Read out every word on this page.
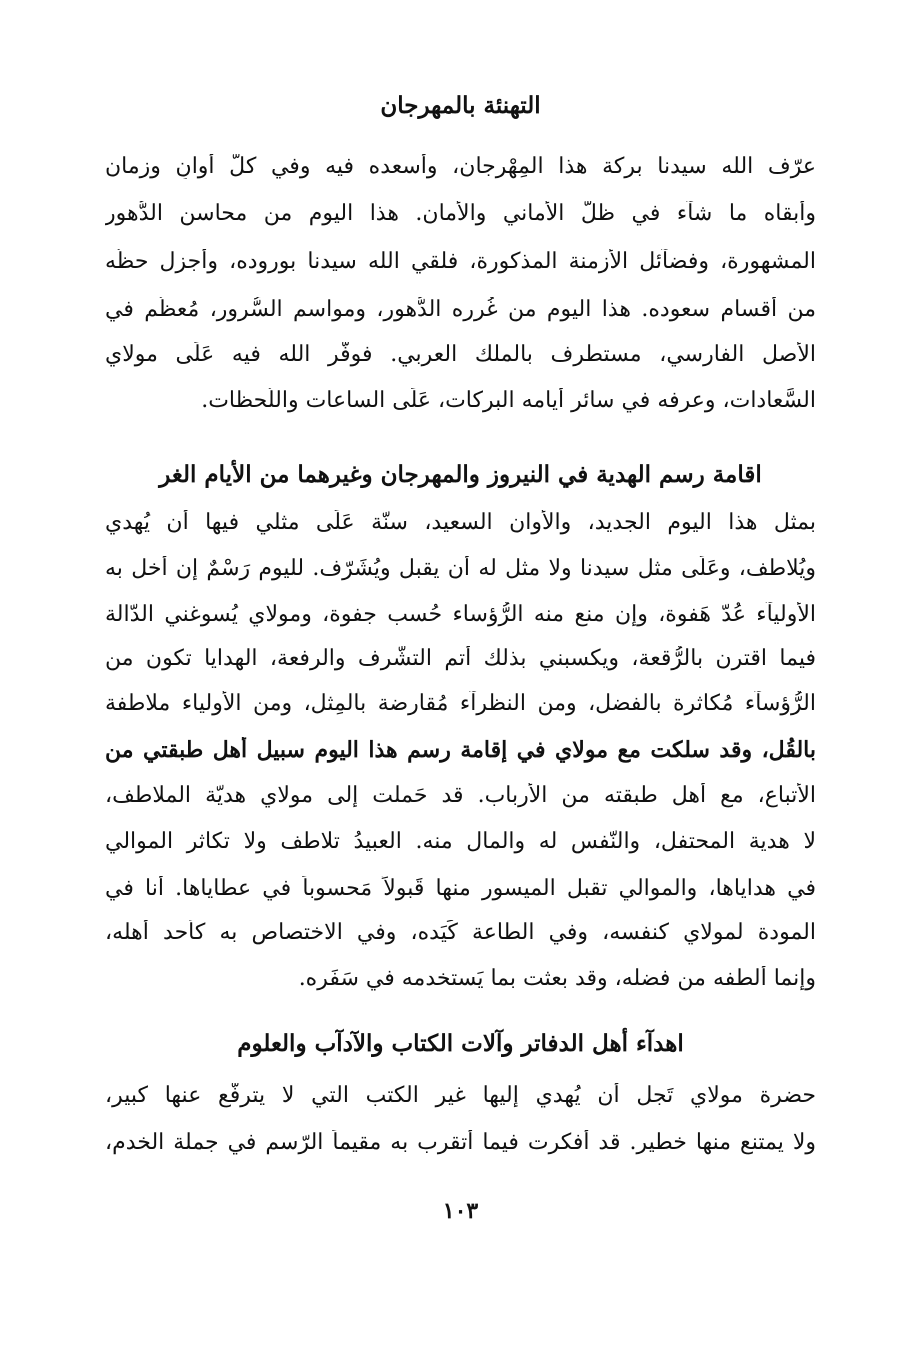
التهنئة بالمهرجان
عرّف الله سيدنا بركة هذا المِهْرجان، وأسعده فيه وفي كلّ أوانٍ وزمان
وأبقاه ما شآء في ظلّ الأماني والأمان. هذا اليوم من محاسن الدُّهور
المشهورة، وفضآئل الأزمنة المذكورة، فلقي الله سيدنا بوروده، وأجزل حظّه
من أقسام سعوده. هذا اليوم من غُرره الدُّهور، ومواسم السُّرور، مُعظّم في
الأصل الفارسي، مستطرف بالملك العربي. فوفّر الله فيه عَلَى مولاي
السَّعادات، وعرفه في سائر أيامه البركات، عَلَى الساعات واللّحظات.
اقامة رسم الهدية في النيروز والمهرجان وغيرهما من الأيام الغر
بمثل هذا اليوم الجديد، والأوان السعيد، سنّة عَلَى مثلي فيها أن يُهدي
ويُلاطف، وعَلَى مثل سيدنا ولا مثل له أن يقبل ويُشَرّف. لليوم رَسْمٌ إن أخل به
الأوليآء عُدّ هَفوة، وإن منع منه الرُّؤساء حُسب جفوة، ومولاي يُسوغني الدّالة
فيما اقترن بالرُّقعة، ويكسبني بذلك أتم التشَّرف والرفعة، الهدايا تكون من
الرُّؤسآء مُكاثرة بالفضل، ومن النظرآء مُقارضة بالمِثل، ومن الأولياء ملاطفة
بالقُل، وقد سلكت مع مولاي في إقامة رسم هذا اليوم سبيل أهل طبقتي من
الأتباع، مع أهل طبقته من الأرباب. قد حَملت إلى مولاي هديّة الملاطف،
لا هدية المحتفل، والنّفس له والمال منه. العبيدُ تلاطف ولا تكاثر الموالي
في هداياها، والموالي تقبل الميسور منها قَبولاً مَحسوباً في عطاياها. أنا في
المودة لمولاي كنفسه، وفي الطاعة كَيَده، وفي الاختصاص به كأحد أهله،
وإنما أُلطفه من فضله، وقد بعثت بما يَستخدمه في سَفَره.
اهدآء أهل الدفاتر وآلات الكتاب والآدآب والعلوم
حضرة مولاي تَجل أن يُهدي إليها غير الكتب التي لا يترفّع عنها كبير،
ولا يمتنع منها خطير. قد أفكرت فيما أتقرب به مقيماً الرّسم في جملة الخدم،
١٠٣
